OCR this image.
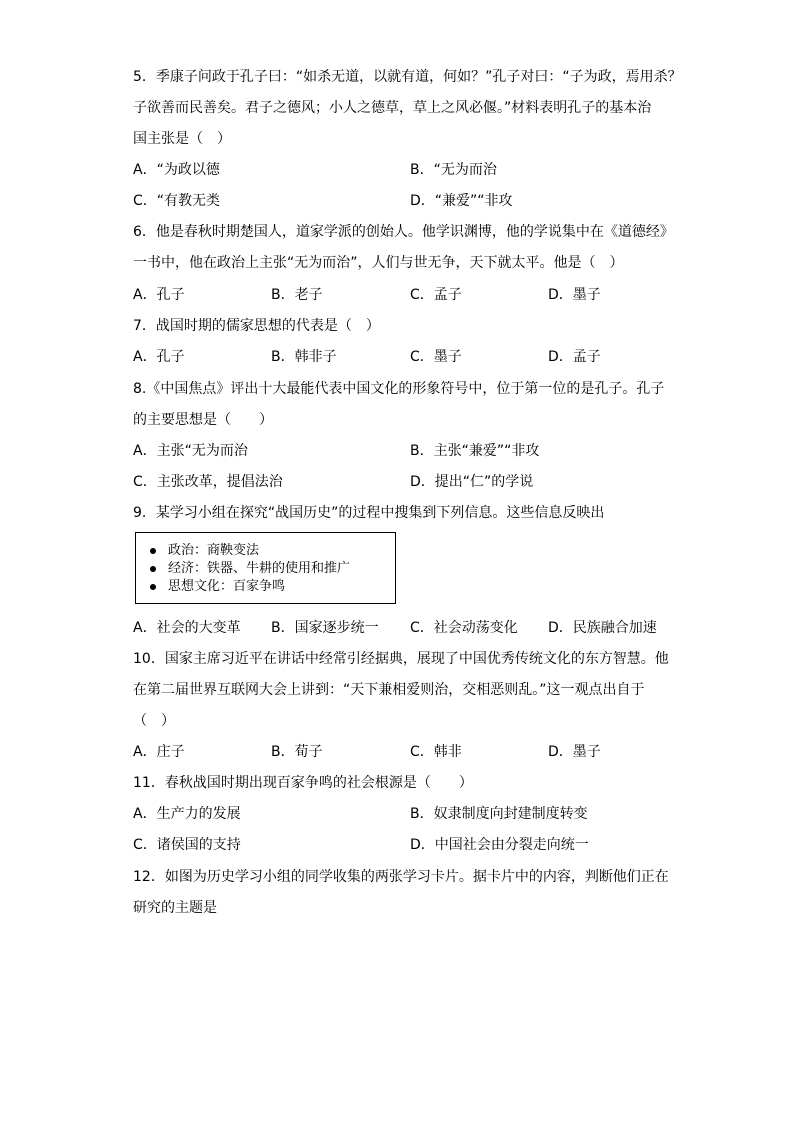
5．季康子问政于孔子曰：“如杀无道，以就有道，何如？”孔子对曰：“子为政，焉用杀？
子欲善而民善矣。君子之德风；小人之德草，草上之风必偃。”材料表明孔子的基本治
国主张是（　）
A．“为政以德	B．“无为而治
C．“有教无类	D．“兼爱”“非攻
6．他是春秋时期楚国人，道家学派的创始人。他学识渊博，他的学说集中在《道德经》
一书中，他在政治上主张“无为而治”，人们与世无争，天下就太平。他是（　）
A．孔子	B．老子	C．孟子	D．墨子
7．战国时期的儒家思想的代表是（　）
A．孔子	B．韩非子	C．墨子	D．孟子
8.《中国焦点》评出十大最能代表中国文化的形象符号中，位于第一位的是孔子。孔子
的主要思想是（　　）
A．主张“无为而治	B．主张“兼爱”“非攻
C．主张改革，提倡法治	D．提出“仁”的学说
9．某学习小组在探究“战国历史”的过程中搜集到下列信息。这些信息反映出
政治：商鞅变法
经济：铁器、牛耕的使用和推广
思想文化：百家争鸣
A．社会的大变革 B．国家逐步统一 C．社会动荡变化 D．民族融合加速
10．国家主席习近平在讲话中经常引经据典，展现了中国优秀传统文化的东方智慧。他
在第二届世界互联网大会上讲到：“天下兼相爱则治，交相恶则乱。”这一观点出自于
（　）
A．庄子	B．荀子	C．韩非	D．墨子
11．春秋战国时期出现百家争鸣的社会根源是（　　）
A．生产力的发展	B．奴隶制度向封建制度转变
C．诸侯国的支持	D．中国社会由分裂走向统一
12．如图为历史学习小组的同学收集的两张学习卡片。据卡片中的内容，判断他们正在
研究的主题是
